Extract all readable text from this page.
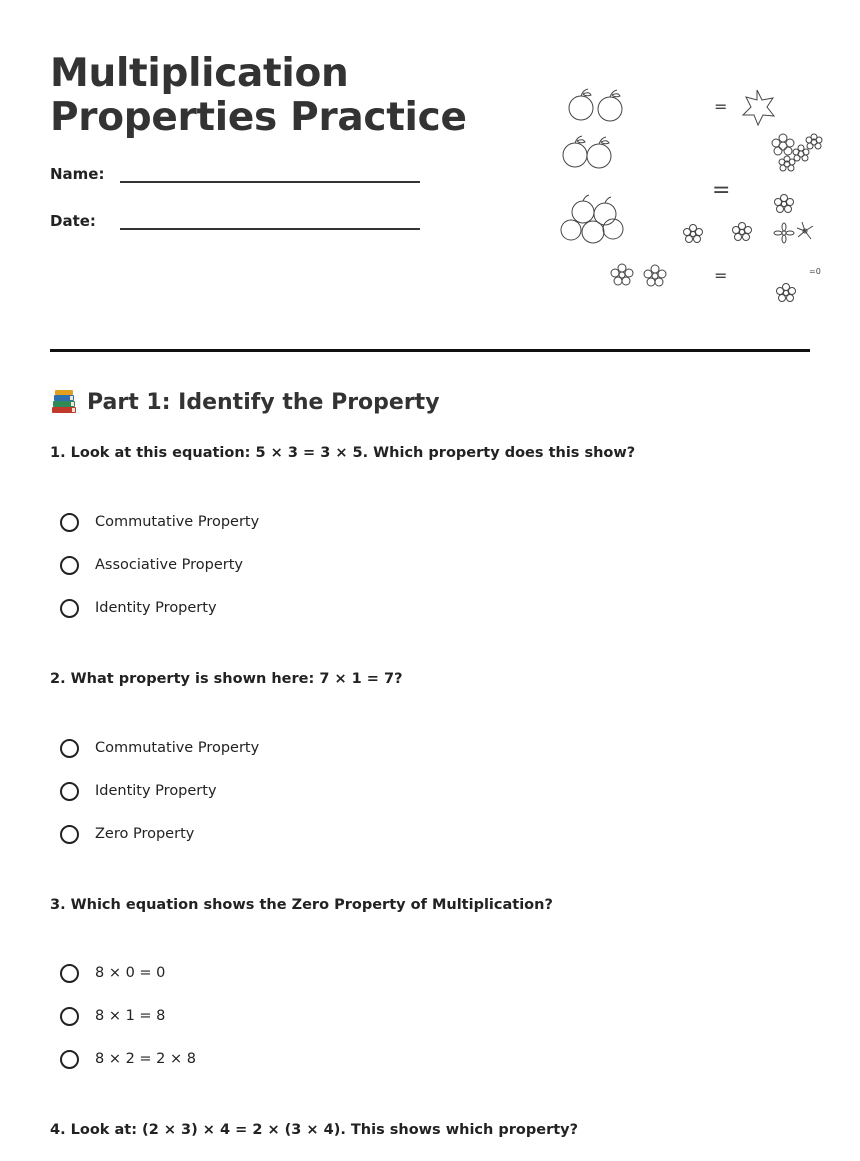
Multiplication
Properties Practice
Name:
Date:
=
=
=	=0
Part 1: Identify the Property
1. Look at this equation: 5 × 3 = 3 × 5. Which property does this show?
Commutative Property
Associative Property
Identity Property
2. What property is shown here: 7 × 1 = 7?
Commutative Property
Identity Property
Zero Property
3. Which equation shows the Zero Property of Multiplication?
8 × 0 = 0
8 × 1 = 8
8 × 2 = 2 × 8
4. Look at: (2 × 3) × 4 = 2 × (3 × 4). This shows which property?
